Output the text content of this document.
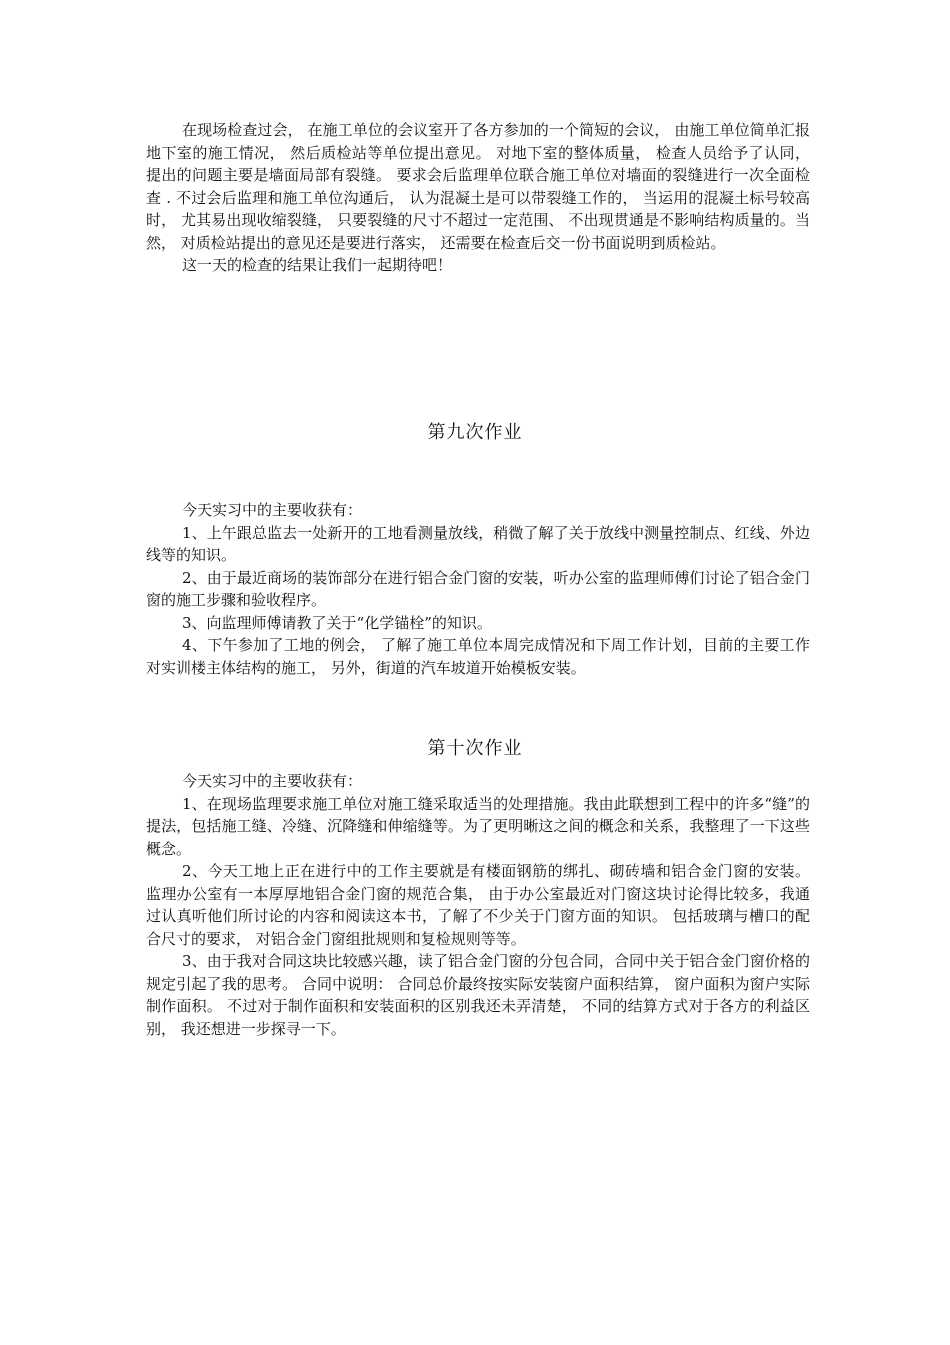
在现场检查过会， 在施工单位的会议室开了各方参加的一个简短的会议， 由施工单位简单汇报地下室的施工情况， 然后质检站等单位提出意见。 对地下室的整体质量， 检查人员给予了认同， 提出的问题主要是墙面局部有裂缝。 要求会后监理单位联合施工单位对墙面的裂缝进行一次全面检查 . 不过会后监理和施工单位沟通后， 认为混凝土是可以带裂缝工作的， 当运用的混凝土标号较高时， 尤其易出现收缩裂缝， 只要裂缝的尺寸不超过一定范围、 不出现贯通是不影响结构质量的。当然， 对质检站提出的意见还是要进行落实， 还需要在检查后交一份书面说明到质检站。

这一天的检查的结果让我们一起期待吧！

第九次作业

今天实习中的主要收获有：

1、上午跟总监去一处新开的工地看测量放线，稍微了解了关于放线中测量控制点、红线、外边线等的知识。

2、由于最近商场的装饰部分在进行铝合金门窗的安装，听办公室的监理师傅们讨论了铝合金门窗的施工步骤和验收程序。

3、向监理师傅请教了关于“化学锚栓”的知识。

4、下午参加了工地的例会， 了解了施工单位本周完成情况和下周工作计划，目前的主要工作对实训楼主体结构的施工， 另外，街道的汽车坡道开始模板安装。

第十次作业

今天实习中的主要收获有：

1、在现场监理要求施工单位对施工缝采取适当的处理措施。我由此联想到工程中的许多“缝”的提法，包括施工缝、冷缝、沉降缝和伸缩缝等。为了更明晰这之间的概念和关系，我整理了一下这些概念。

2、今天工地上正在进行中的工作主要就是有楼面钢筋的绑扎、砌砖墙和铝合金门窗的安装。 监理办公室有一本厚厚地铝合金门窗的规范合集， 由于办公室最近对门窗这块讨论得比较多，我通过认真听他们所讨论的内容和阅读这本书，了解了不少关于门窗方面的知识。 包括玻璃与槽口的配合尺寸的要求， 对铝合金门窗组批规则和复检规则等等。

3、由于我对合同这块比较感兴趣，读了铝合金门窗的分包合同，合同中关于铝合金门窗价格的规定引起了我的思考。 合同中说明： 合同总价最终按实际安装窗户面积结算， 窗户面积为窗户实际制作面积。 不过对于制作面积和安装面积的区别我还未弄清楚， 不同的结算方式对于各方的利益区别， 我还想进一步探寻一下。
